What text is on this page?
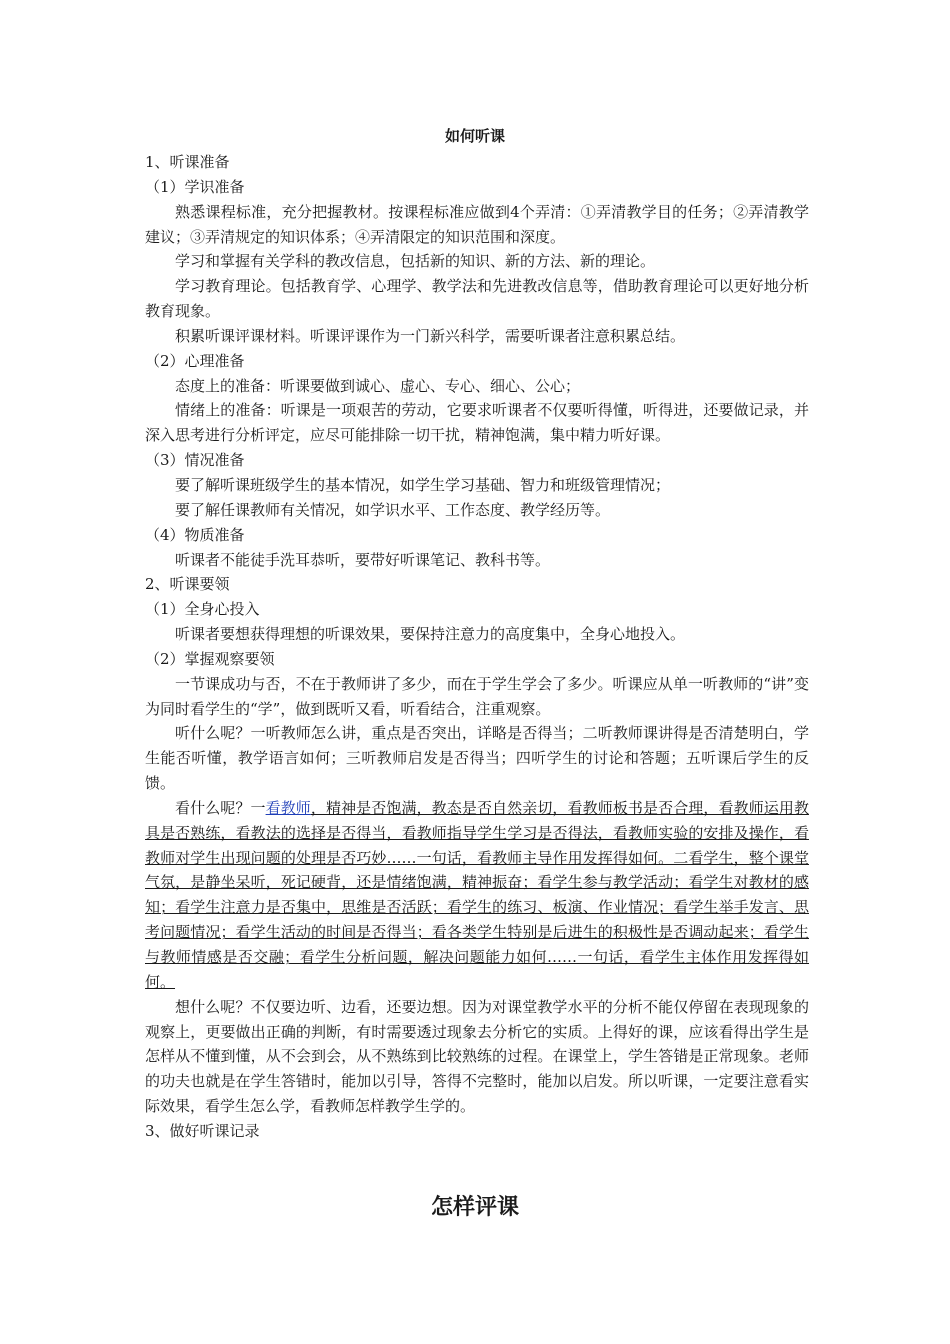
如何听课

1、听课准备

（1）学识准备

熟悉课程标准，充分把握教材。按课程标准应做到4个弄清：①弄清教学目的任务；②弄清教学建议；③弄清规定的知识体系；④弄清限定的知识范围和深度。

学习和掌握有关学科的教改信息，包括新的知识、新的方法、新的理论。

学习教育理论。包括教育学、心理学、教学法和先进教改信息等，借助教育理论可以更好地分析教育现象。

积累听课评课材料。听课评课作为一门新兴科学，需要听课者注意积累总结。

（2）心理准备

态度上的准备：听课要做到诚心、虚心、专心、细心、公心；

情绪上的准备：听课是一项艰苦的劳动，它要求听课者不仅要听得懂，听得进，还要做记录，并深入思考进行分析评定，应尽可能排除一切干扰，精神饱满，集中精力听好课。

（3）情况准备

要了解听课班级学生的基本情况，如学生学习基础、智力和班级管理情况；

要了解任课教师有关情况，如学识水平、工作态度、教学经历等。

（4）物质准备

听课者不能徒手洗耳恭听，要带好听课笔记、教科书等。

2、听课要领

（1）全身心投入

听课者要想获得理想的听课效果，要保持注意力的高度集中，全身心地投入。

（2）掌握观察要领

一节课成功与否，不在于教师讲了多少，而在于学生学会了多少。听课应从单一听教师的“讲”变为同时看学生的“学”，做到既听又看，听看结合，注重观察。

听什么呢？一听教师怎么讲，重点是否突出，详略是否得当；二听教师课讲得是否清楚明白，学生能否听懂，教学语言如何；三听教师启发是否得当；四听学生的讨论和答题；五听课后学生的反馈。

看什么呢？一看教师，精神是否饱满，教态是否自然亲切，看教师板书是否合理，看教师运用教具是否熟练，看教法的选择是否得当，看教师指导学生学习是否得法，看教师实验的安排及操作，看教师对学生出现问题的处理是否巧妙……一句话，看教师主导作用发挥得如何。二看学生，整个课堂气氛，是静坐呆听，死记硬背，还是情绪饱满，精神振奋；看学生参与教学活动；看学生对教材的感知；看学生注意力是否集中，思维是否活跃；看学生的练习、板演、作业情况；看学生举手发言、思考问题情况；看学生活动的时间是否得当；看各类学生特别是后进生的积极性是否调动起来；看学生与教师情感是否交融；看学生分析问题，解决问题能力如何……一句话，看学生主体作用发挥得如何。

想什么呢？不仅要边听、边看，还要边想。因为对课堂教学水平的分析不能仅停留在表现现象的观察上，更要做出正确的判断，有时需要透过现象去分析它的实质。上得好的课，应该看得出学生是怎样从不懂到懂，从不会到会，从不熟练到比较熟练的过程。在课堂上，学生答错是正常现象。老师的功夫也就是在学生答错时，能加以引导，答得不完整时，能加以启发。所以听课，一定要注意看实际效果，看学生怎么学，看教师怎样教学生学的。

3、做好听课记录

怎样评课
